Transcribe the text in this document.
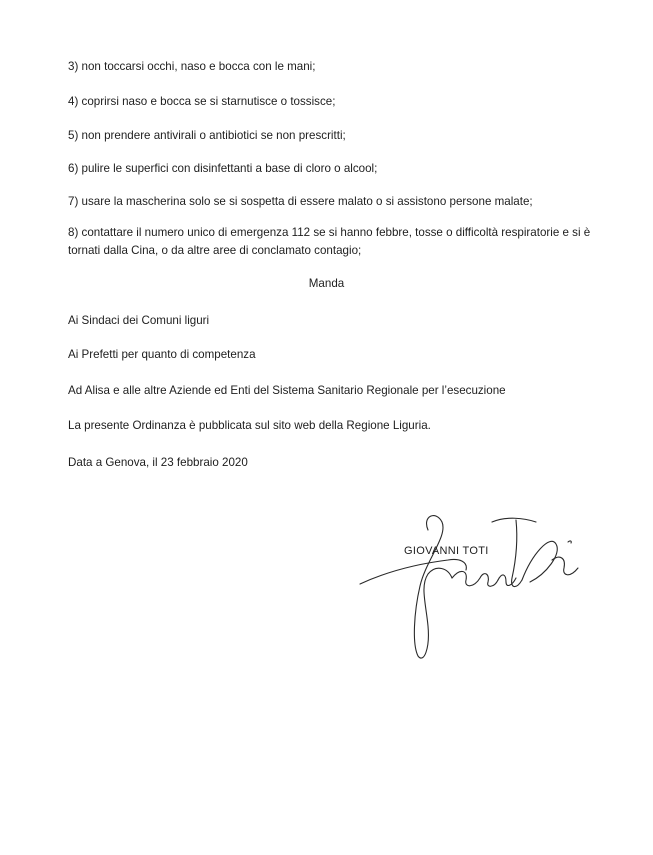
3) non toccarsi occhi, naso e bocca con le mani;

4) coprirsi naso e bocca se si starnutisce o tossisce;

5) non prendere antivirali o antibiotici se non prescritti;

6) pulire le superfici con disinfettanti a base di cloro o alcool;

7) usare la mascherina solo se si sospetta di essere malato o si assistono persone malate;

8) contattare il numero unico di emergenza 112 se si hanno febbre, tosse o difficoltà respiratorie e si è tornati dalla Cina, o da altre aree di conclamato contagio;

Manda

Ai Sindaci dei Comuni liguri

Ai Prefetti per quanto di competenza

Ad Alisa e alle altre Aziende ed Enti del Sistema Sanitario Regionale per l’esecuzione

La presente Ordinanza è pubblicata sul sito web della Regione Liguria.

Data a Genova, il 23 febbraio 2020

GIOVANNI TOTI
